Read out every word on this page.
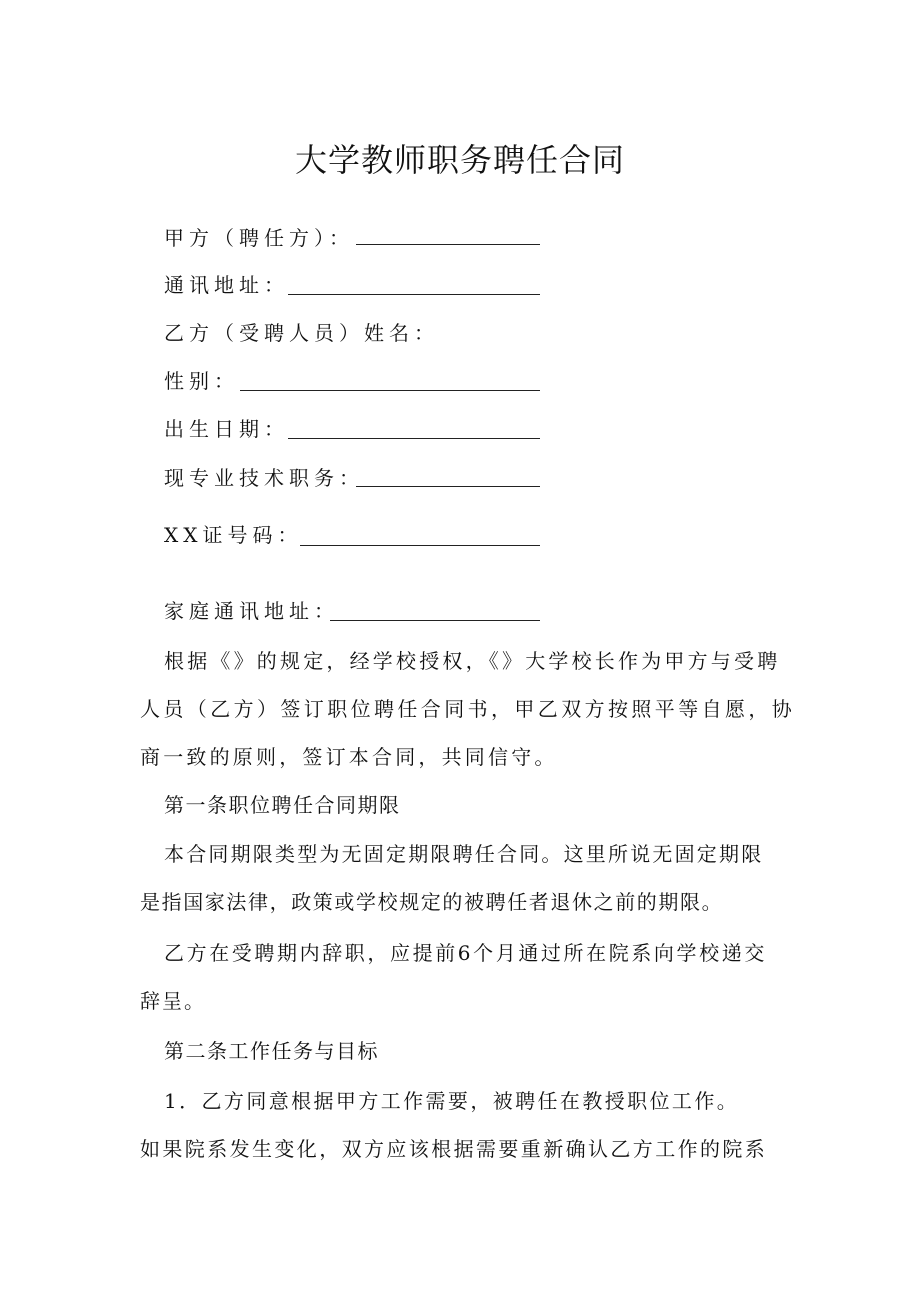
大学教师职务聘任合同
甲方（聘任方）：
通讯地址：
乙方（受聘人员）姓名：
性别：
出生日期：
现专业技术职务：
XX证号码：
家庭通讯地址：
根据《》的规定，经学校授权，《》大学校长作为甲方与受聘
人员（乙方）签订职位聘任合同书，甲乙双方按照平等自愿，协
商一致的原则，签订本合同，共同信守。
第一条职位聘任合同期限
本合同期限类型为无固定期限聘任合同。这里所说无固定期限
是指国家法律，政策或学校规定的被聘任者退休之前的期限。
乙方在受聘期内辞职，应提前6个月通过所在院系向学校递交
辞呈。
第二条工作任务与目标
1．乙方同意根据甲方工作需要，被聘任在教授职位工作。
如果院系发生变化，双方应该根据需要重新确认乙方工作的院系
